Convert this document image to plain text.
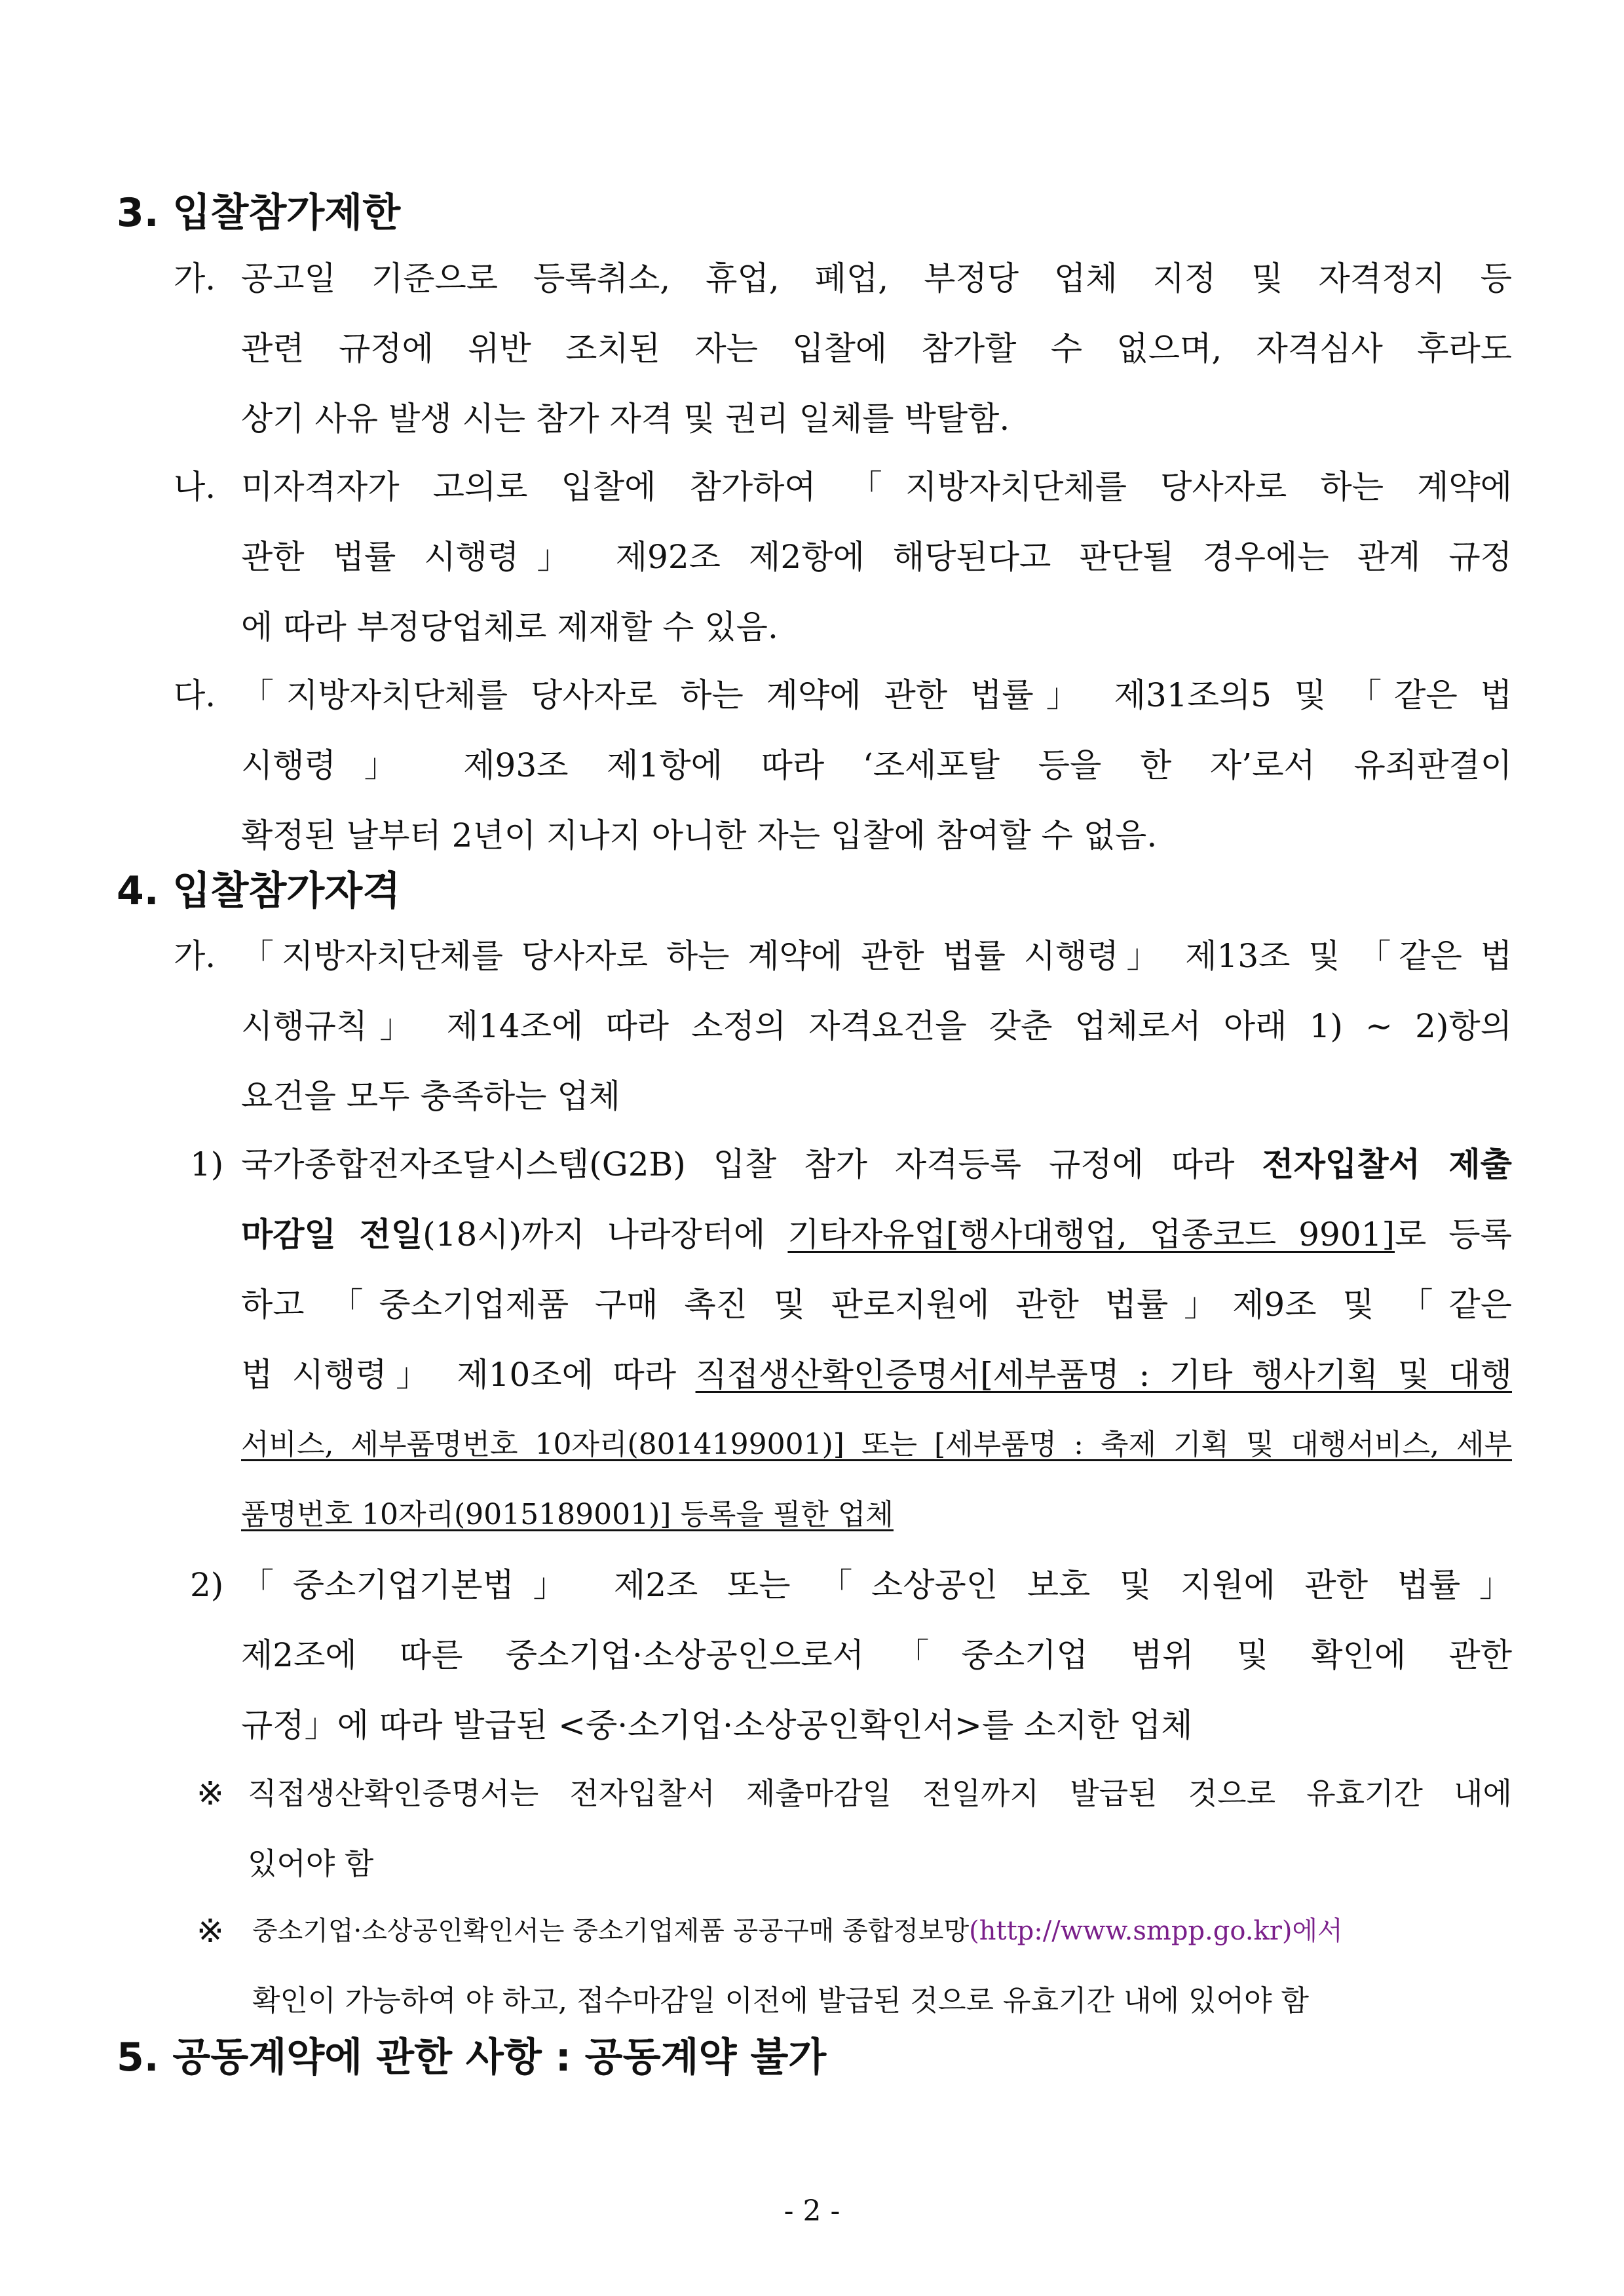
3. 입찰참가제한
가. 공고일 기준으로 등록취소, 휴업, 폐업, 부정당 업체 지정 및 자격정지 등
관련 규정에 위반 조치된 자는 입찰에 참가할 수 없으며, 자격심사 후라도
상기 사유 발생 시는 참가 자격 및 권리 일체를 박탈함.
나. 미자격자가 고의로 입찰에 참가하여 「지방자치단체를 당사자로 하는 계약에
관한 법률 시행령」 제92조 제2항에 해당된다고 판단될 경우에는 관계 규정
에 따라 부정당업체로 제재할 수 있음.
다. 「지방자치단체를 당사자로 하는 계약에 관한 법률」 제31조의5 및 「같은 법
시행령」 제93조 제1항에 따라 ‘조세포탈 등을 한 자’로서 유죄판결이
확정된 날부터 2년이 지나지 아니한 자는 입찰에 참여할 수 없음.
4. 입찰참가자격
가. 「지방자치단체를 당사자로 하는 계약에 관한 법률 시행령」 제13조 및 「같은 법
시행규칙」 제14조에 따라 소정의 자격요건을 갖춘 업체로서 아래 1) ~ 2)항의
요건을 모두 충족하는 업체
1) 국가종합전자조달시스템(G2B) 입찰 참가 자격등록 규정에 따라 전자입찰서 제출
마감일 전일(18시)까지 나라장터에 기타자유업[행사대행업, 업종코드 9901]로 등록
하고 「중소기업제품 구매 촉진 및 판로지원에 관한 법률」제9조 및 「같은
법 시행령」 제10조에 따라 직접생산확인증명서[세부품명 : 기타 행사기획 및 대행
서비스, 세부품명번호 10자리(8014199001)] 또는 [세부품명 : 축제 기획 및 대행서비스, 세부
품명번호 10자리(9015189001)] 등록을 필한 업체
2) 「중소기업기본법」 제2조 또는 「소상공인 보호 및 지원에 관한 법률」
제2조에 따른 중소기업·소상공인으로서「중소기업 범위 및 확인에 관한
규정」에 따라 발급된 <중·소기업·소상공인확인서>를 소지한 업체
※ 직접생산확인증명서는 전자입찰서 제출마감일 전일까지 발급된 것으로 유효기간 내에
있어야 함
※ 중소기업·소상공인확인서는 중소기업제품 공공구매 종합정보망(http://www.smpp.go.kr)에서
확인이 가능하여 야 하고, 접수마감일 이전에 발급된 것으로 유효기간 내에 있어야 함
5. 공동계약에 관한 사항 : 공동계약 불가
- 2 -
